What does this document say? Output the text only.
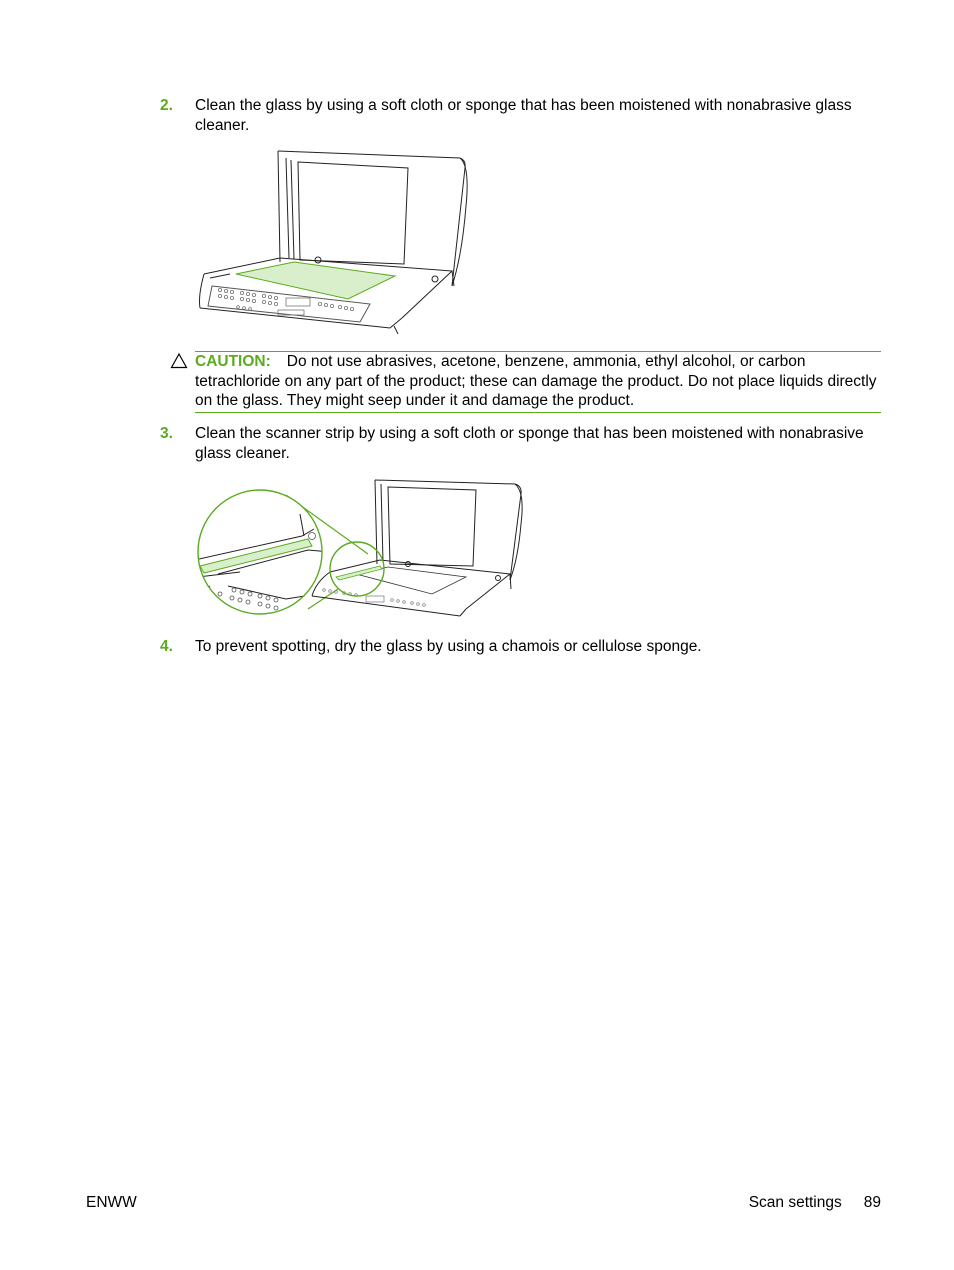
2. Clean the glass by using a soft cloth or sponge that has been moistened with nonabrasive glass cleaner.
CAUTION: Do not use abrasives, acetone, benzene, ammonia, ethyl alcohol, or carbon tetrachloride on any part of the product; these can damage the product. Do not place liquids directly on the glass. They might seep under it and damage the product.
3. Clean the scanner strip by using a soft cloth or sponge that has been moistened with nonabrasive glass cleaner.
4. To prevent spotting, dry the glass by using a chamois or cellulose sponge.
ENWW	Scan settings 89
